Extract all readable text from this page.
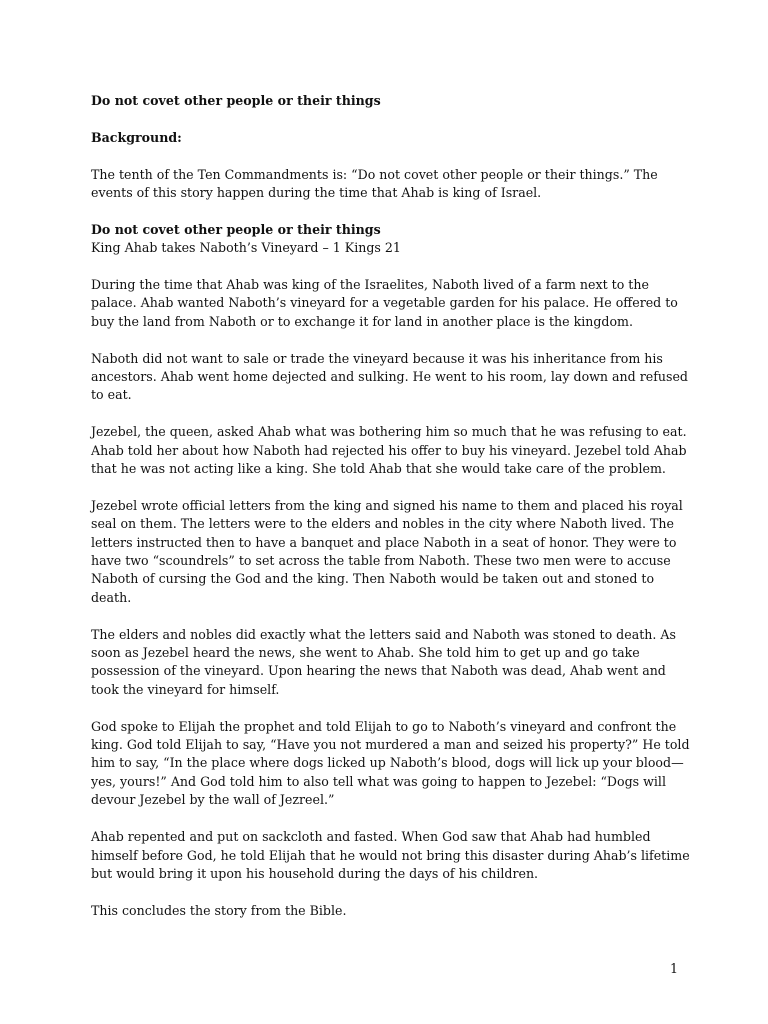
Do not covet other people or their things

Background:

The tenth of the Ten Commandments is: “Do not covet other people or their things.” The events of this story happen during the time that Ahab is king of Israel.

Do not covet other people or their things

King Ahab takes Naboth’s Vineyard – 1 Kings 21

During the time that Ahab was king of the Israelites, Naboth lived of a farm next to the palace. Ahab wanted Naboth’s vineyard for a vegetable garden for his palace. He offered to buy the land from Naboth or to exchange it for land in another place is the kingdom.

Naboth did not want to sale or trade the vineyard because it was his inheritance from his ancestors. Ahab went home dejected and sulking. He went to his room, lay down and refused to eat.

Jezebel, the queen, asked Ahab what was bothering him so much that he was refusing to eat. Ahab told her about how Naboth had rejected his offer to buy his vineyard. Jezebel told Ahab that he was not acting like a king. She told Ahab that she would take care of the problem.

Jezebel wrote official letters from the king and signed his name to them and placed his royal seal on them. The letters were to the elders and nobles in the city where Naboth lived. The letters instructed then to have a banquet and place Naboth in a seat of honor. They were to have two “scoundrels” to set across the table from Naboth. These two men were to accuse Naboth of cursing the God and the king. Then Naboth would be taken out and stoned to death.

The elders and nobles did exactly what the letters said and Naboth was stoned to death. As soon as Jezebel heard the news, she went to Ahab. She told him to get up and go take possession of the vineyard. Upon hearing the news that Naboth was dead, Ahab went and took the vineyard for himself.

God spoke to Elijah the prophet and told Elijah to go to Naboth’s vineyard and confront the king. God told Elijah to say, “Have you not murdered a man and seized his property?” He told him to say, “In the place where dogs licked up Naboth’s blood, dogs will lick up your blood—yes, yours!” And God told him to also tell what was going to happen to Jezebel: “Dogs will devour Jezebel by the wall of Jezreel.”

Ahab repented and put on sackcloth and fasted. When God saw that Ahab had humbled himself before God, he told Elijah that he would not bring this disaster during Ahab’s lifetime but would bring it upon his household during the days of his children.

This concludes the story from the Bible.

1
